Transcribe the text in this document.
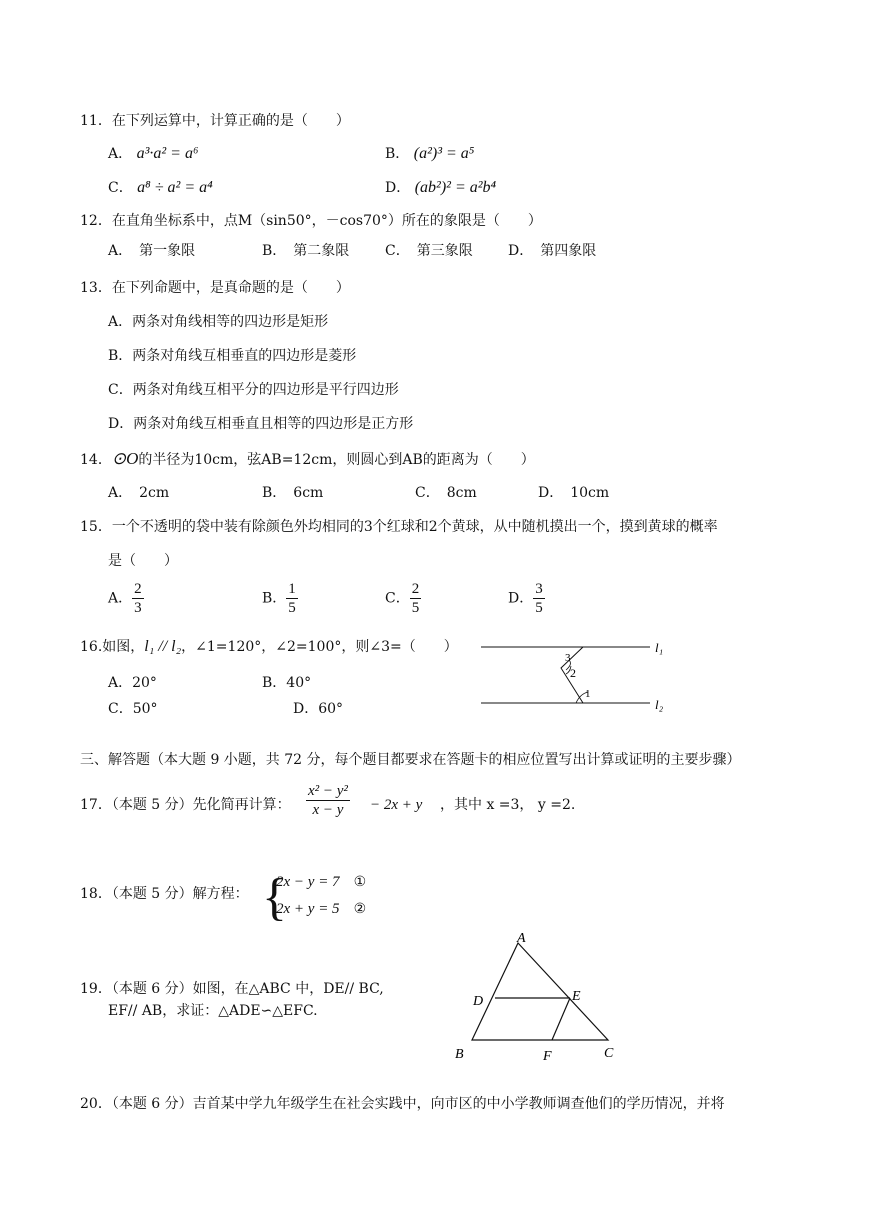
11．在下列运算中，计算正确的是（　　）
A． a³·a² = a⁶	B． (a²)³ = a⁵
C． a⁸ ÷ a² = a⁴	D． (ab²)² = a²b⁴
12．在直角坐标系中，点M（sin50°，－cos70°）所在的象限是（　　）
A．　第一象限	B．　第二象限	C．　第三象限	D．　第四象限
13．在下列命题中，是真命题的是（　　）
A．两条对角线相等的四边形是矩形
B．两条对角线互相垂直的四边形是菱形
C．两条对角线互相平分的四边形是平行四边形
D．两条对角线互相垂直且相等的四边形是正方形
14．⊙O的半径为10cm，弦AB=12cm，则圆心到AB的距离为（　　）
A．　2cm	B．　6cm	C．　8cm	D．　10cm
15．一个不透明的袋中装有除颜色外均相同的3个红球和2个黄球，从中随机摸出一个，摸到黄球的概率
是（　　）
A． $\frac{2}{3}$	B． $\frac{1}{5}$	C． $\frac{2}{5}$	D． $\frac{3}{5}$
16.如图，l₁ // l₂，∠1=120°，∠2=100°，则∠3=（　　）
A．20°	B．40°
C．50°	D．60°
l₁
l₂
3
2
1
三、解答题（本大题 9 小题，共 72 分，每个题目都要求在答题卡的相应位置写出计算或证明的主要步骤）
17．（本题 5 分）先化简再计算： $\frac{\text{x² − y²}}{x - y} - 2x + y$ ，其中 x =3， y =2.
18．（本题 5 分）解方程： {
2x − y = 7 ①
2x + y = 5 ②
19．（本题 6 分）如图，在△ABC 中，DE// BC,
EF// AB，求证：△ADE∽△EFC.
A
B	C
D	E
F
20．（本题 6 分）吉首某中学九年级学生在社会实践中，向市区的中小学教师调查他们的学历情况，并将
